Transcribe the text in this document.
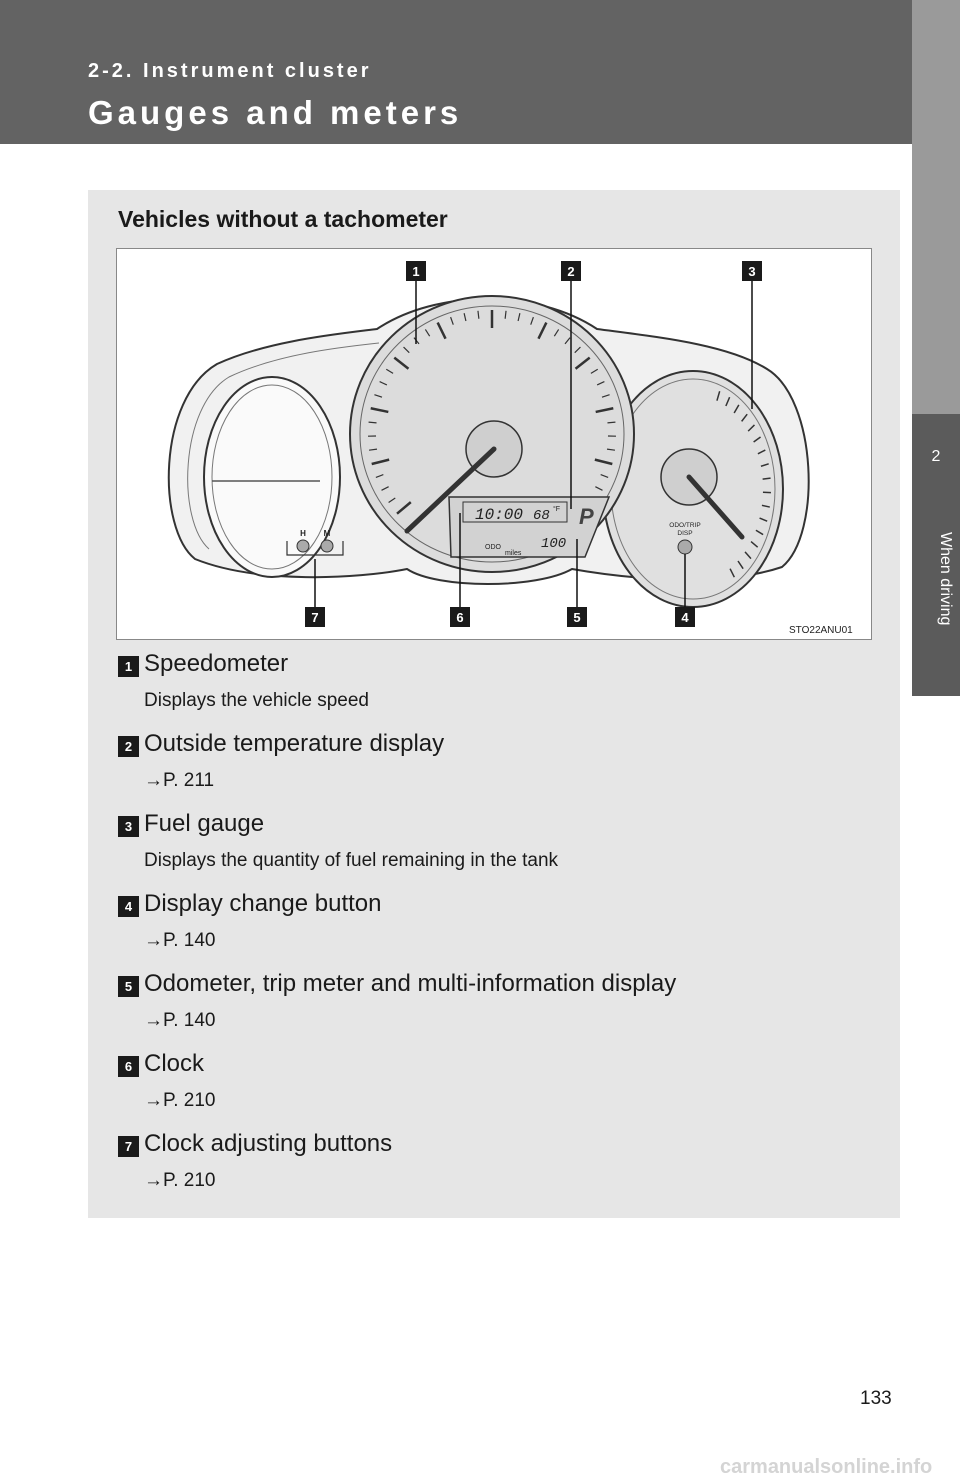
2-2. Instrument cluster
Gauges and meters
2
When driving
Vehicles without a tachometer
H M
ODO/TRIP
DISP
10:00 68 °F P
ODO	100
miles
1	2	3
4
5
6
7
STO22ANU01
1 Speedometer
Displays the vehicle speed
2 Outside temperature display
→P. 211
3 Fuel gauge
Displays the quantity of fuel remaining in the tank
4 Display change button
→P. 140
5 Odometer, trip meter and multi-information display
→P. 140
6 Clock
→P. 210
7 Clock adjusting buttons
→P. 210
133
carmanualsonline.info
